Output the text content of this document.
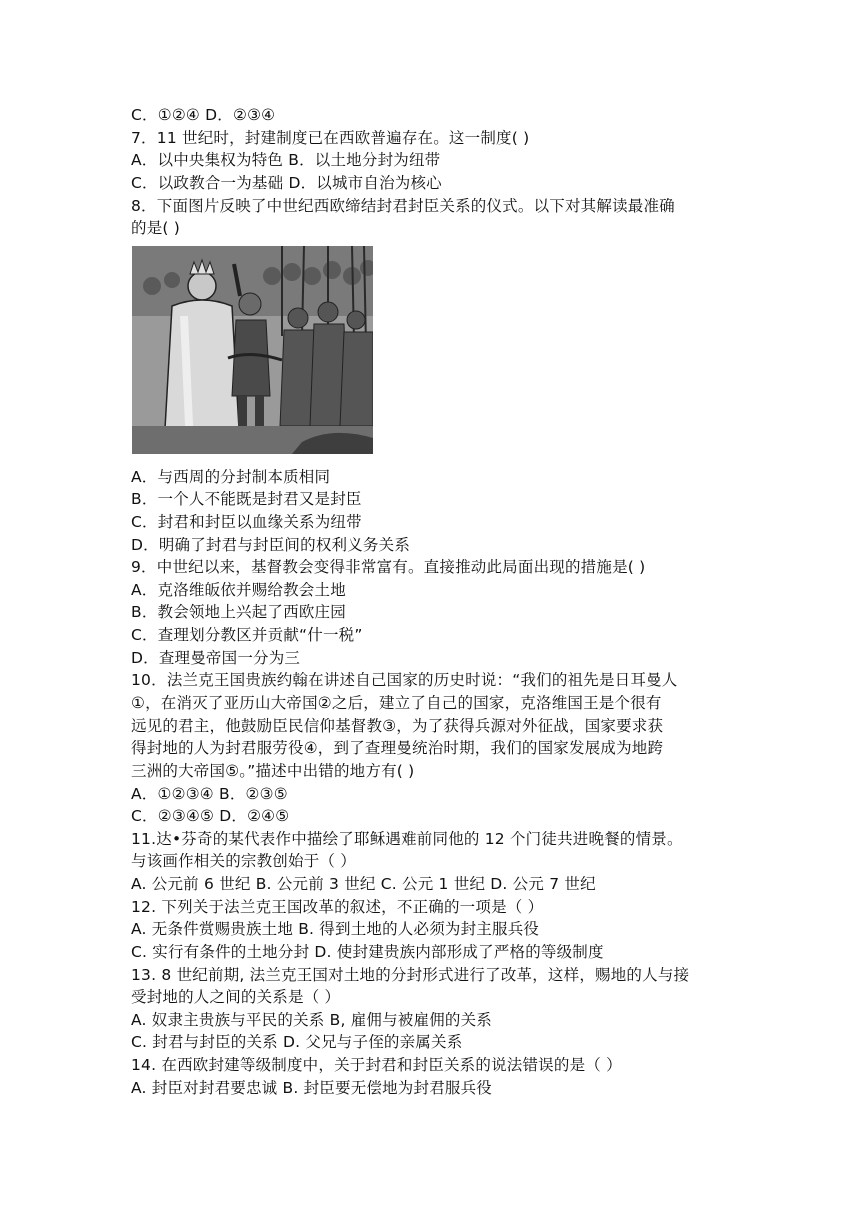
C．①②④ D．②③④
7．11 世纪时，封建制度已在西欧普遍存在。这一制度( )
A．以中央集权为特色 B．以土地分封为纽带
C．以政教合一为基础 D．以城市自治为核心
8．下面图片反映了中世纪西欧缔结封君封臣关系的仪式。以下对其解读最准确
的是( )
A．与西周的分封制本质相同
B．一个人不能既是封君又是封臣
C．封君和封臣以血缘关系为纽带
D．明确了封君与封臣间的权利义务关系
9．中世纪以来，基督教会变得非常富有。直接推动此局面出现的措施是( )
A．克洛维皈依并赐给教会土地
B．教会领地上兴起了西欧庄园
C．查理划分教区并贡献“什一税”
D．查理曼帝国一分为三
10．法兰克王国贵族约翰在讲述自己国家的历史时说：“我们的祖先是日耳曼人
①，在消灭了亚历山大帝国②之后，建立了自己的国家，克洛维国王是个很有
远见的君主，他鼓励臣民信仰基督教③，为了获得兵源对外征战，国家要求获
得封地的人为封君服劳役④，到了查理曼统治时期，我们的国家发展成为地跨
三洲的大帝国⑤。”描述中出错的地方有( )
A．①②③④ B．②③⑤
C．②③④⑤ D．②④⑤
11.达•芬奇的某代表作中描绘了耶稣遇难前同他的 12 个门徒共进晚餐的情景。
与该画作相关的宗教创始于（ ）
A. 公元前 6 世纪 B. 公元前 3 世纪 C. 公元 1 世纪 D. 公元 7 世纪
12. 下列关于法兰克王国改革的叙述，不正确的一项是（ ）
A. 无条件赏赐贵族土地 B. 得到土地的人必须为封主服兵役
C. 实行有条件的土地分封 D. 使封建贵族内部形成了严格的等级制度
13. 8 世纪前期, 法兰克王国对土地的分封形式进行了改革，这样，赐地的人与接
受封地的人之间的关系是（ ）
A. 奴隶主贵族与平民的关系 B, 雇佣与被雇佣的关系
C. 封君与封臣的关系 D. 父兄与子侄的亲属关系
14. 在西欧封建等级制度中，关于封君和封臣关系的说法错误的是（ ）
A. 封臣对封君要忠诚 B. 封臣要无偿地为封君服兵役
